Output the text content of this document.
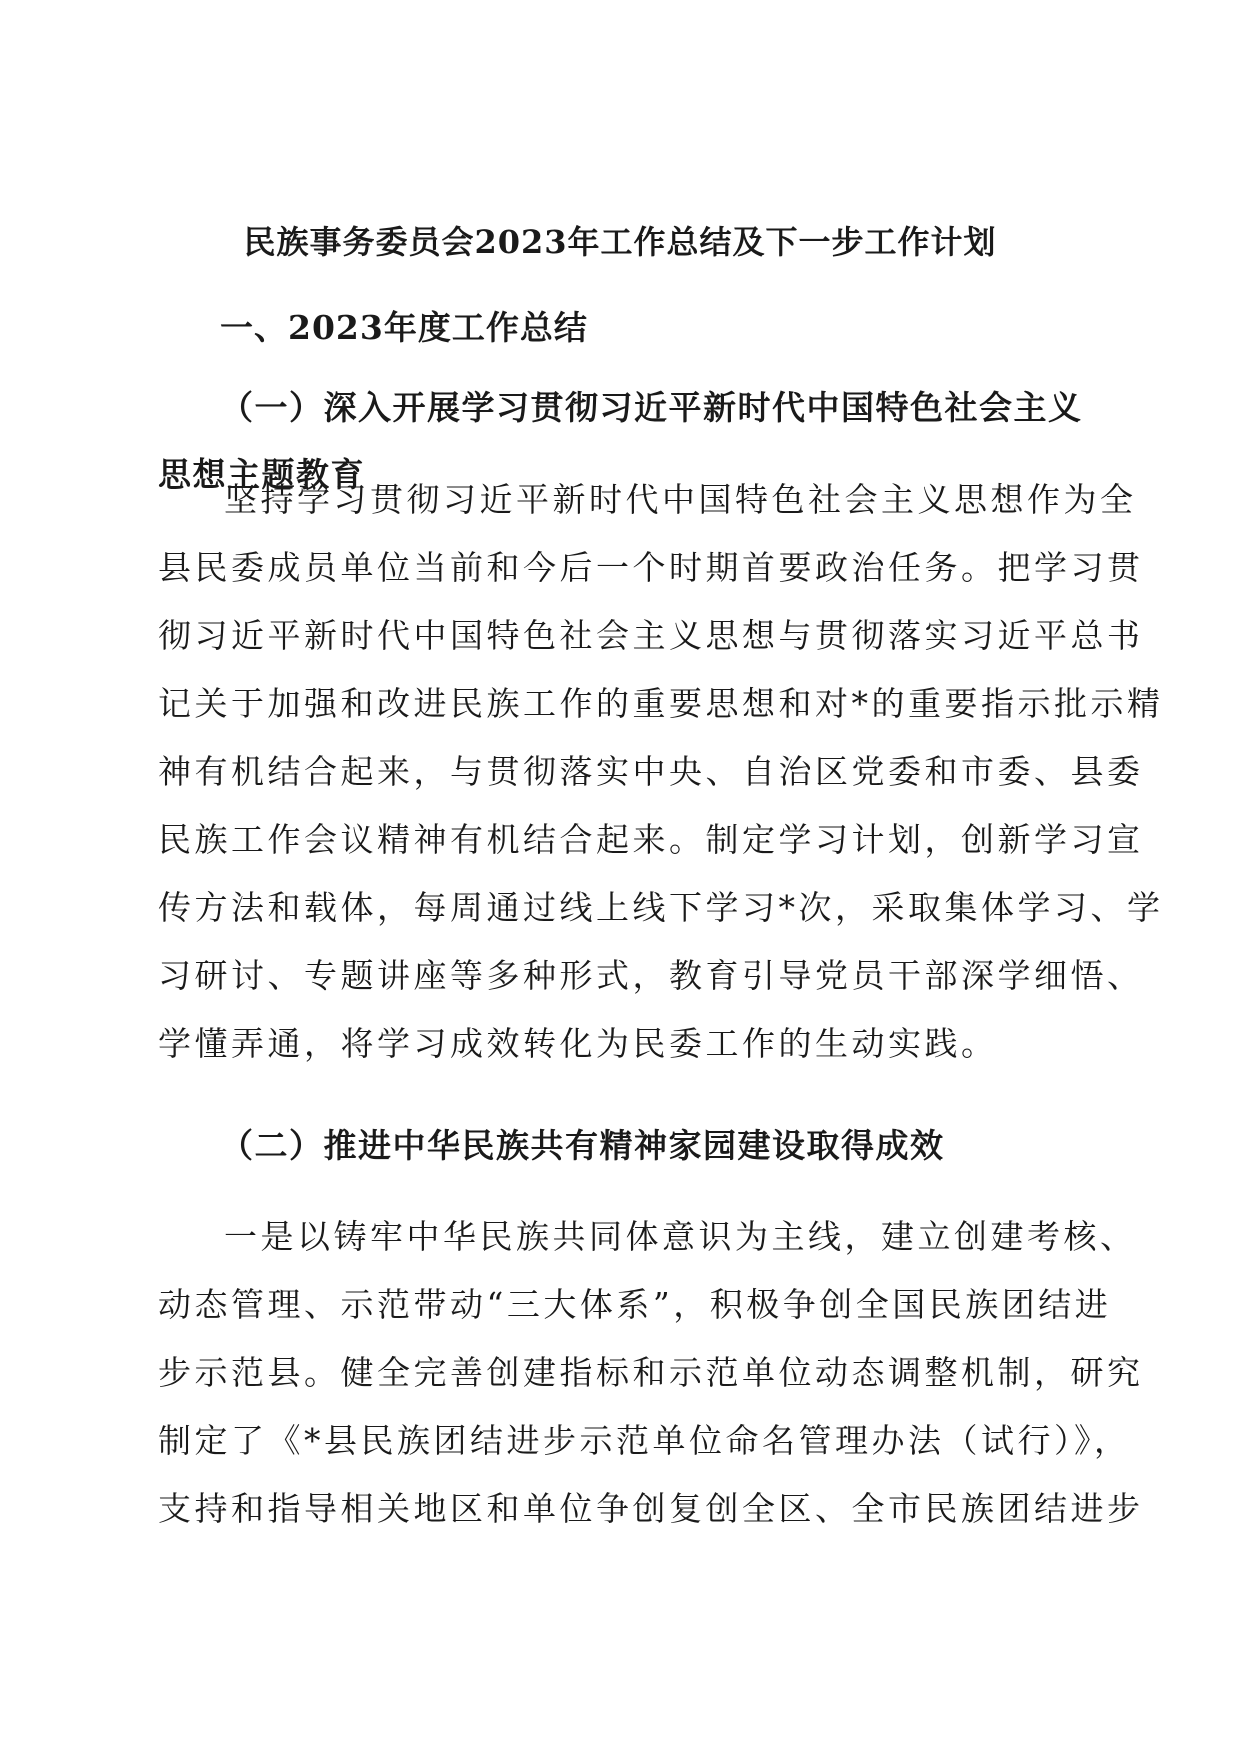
民族事务委员会2023年工作总结及下一步工作计划
一、2023年度工作总结
（一）深入开展学习贯彻习近平新时代中国特色社会主义
思想主题教育
坚持学习贯彻习近平新时代中国特色社会主义思想作为全
县民委成员单位当前和今后一个时期首要政治任务。把学习贯
彻习近平新时代中国特色社会主义思想与贯彻落实习近平总书
记关于加强和改进民族工作的重要思想和对*的重要指示批示精
神有机结合起来，与贯彻落实中央、自治区党委和市委、县委
民族工作会议精神有机结合起来。制定学习计划，创新学习宣
传方法和载体，每周通过线上线下学习*次，采取集体学习、学
习研讨、专题讲座等多种形式，教育引导党员干部深学细悟、
学懂弄通，将学习成效转化为民委工作的生动实践。
（二）推进中华民族共有精神家园建设取得成效
一是以铸牢中华民族共同体意识为主线，建立创建考核、
动态管理、示范带动“三大体系”，积极争创全国民族团结进
步示范县。健全完善创建指标和示范单位动态调整机制，研究
制定了《*县民族团结进步示范单位命名管理办法（试行）》，
支持和指导相关地区和单位争创复创全区、全市民族团结进步
